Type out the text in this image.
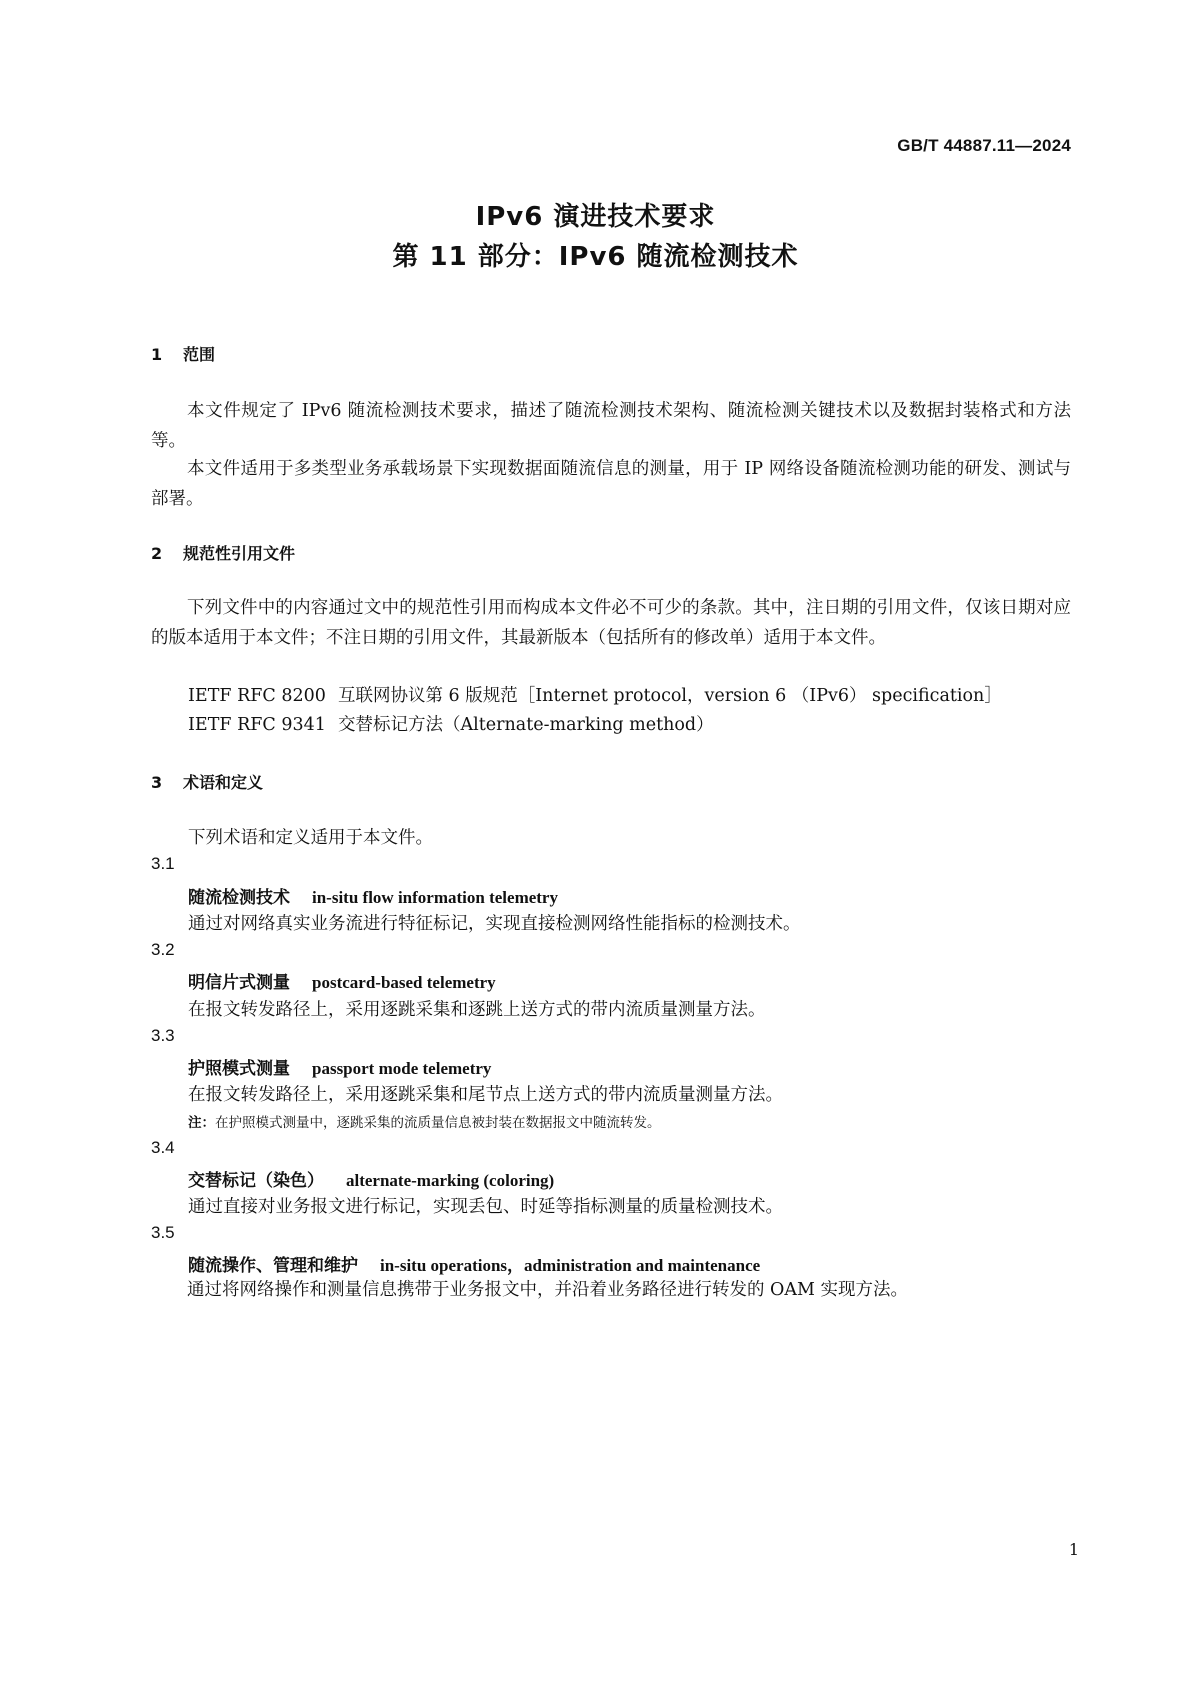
GB/T 44887.11—2024
IPv6 演进技术要求
第 11 部分：IPv6 随流检测技术
1 范围
本文件规定了 IPv6 随流检测技术要求，描述了随流检测技术架构、随流检测关键技术以及数据封装格式和方法等。
本文件适用于多类型业务承载场景下实现数据面随流信息的测量，用于 IP 网络设备随流检测功能的研发、测试与部署。
2 规范性引用文件
下列文件中的内容通过文中的规范性引用而构成本文件必不可少的条款。其中，注日期的引用文件，仅该日期对应的版本适用于本文件；不注日期的引用文件，其最新版本（包括所有的修改单）适用于本文件。
IETF RFC 8200 互联网协议第 6 版规范［Internet protocol，version 6 （IPv6） specification］
IETF RFC 9341 交替标记方法（Alternate-marking method）
3 术语和定义
下列术语和定义适用于本文件。
3.1
随流检测技术 in-situ flow information telemetry
通过对网络真实业务流进行特征标记，实现直接检测网络性能指标的检测技术。
3.2
明信片式测量 postcard-based telemetry
在报文转发路径上，采用逐跳采集和逐跳上送方式的带内流质量测量方法。
3.3
护照模式测量 passport mode telemetry
在报文转发路径上，采用逐跳采集和尾节点上送方式的带内流质量测量方法。
注：在护照模式测量中，逐跳采集的流质量信息被封装在数据报文中随流转发。
3.4
交替标记（染色） alternate-marking (coloring)
通过直接对业务报文进行标记，实现丢包、时延等指标测量的质量检测技术。
3.5
随流操作、管理和维护 in-situ operations，administration and maintenance
通过将网络操作和测量信息携带于业务报文中，并沿着业务路径进行转发的 OAM 实现方法。
1
